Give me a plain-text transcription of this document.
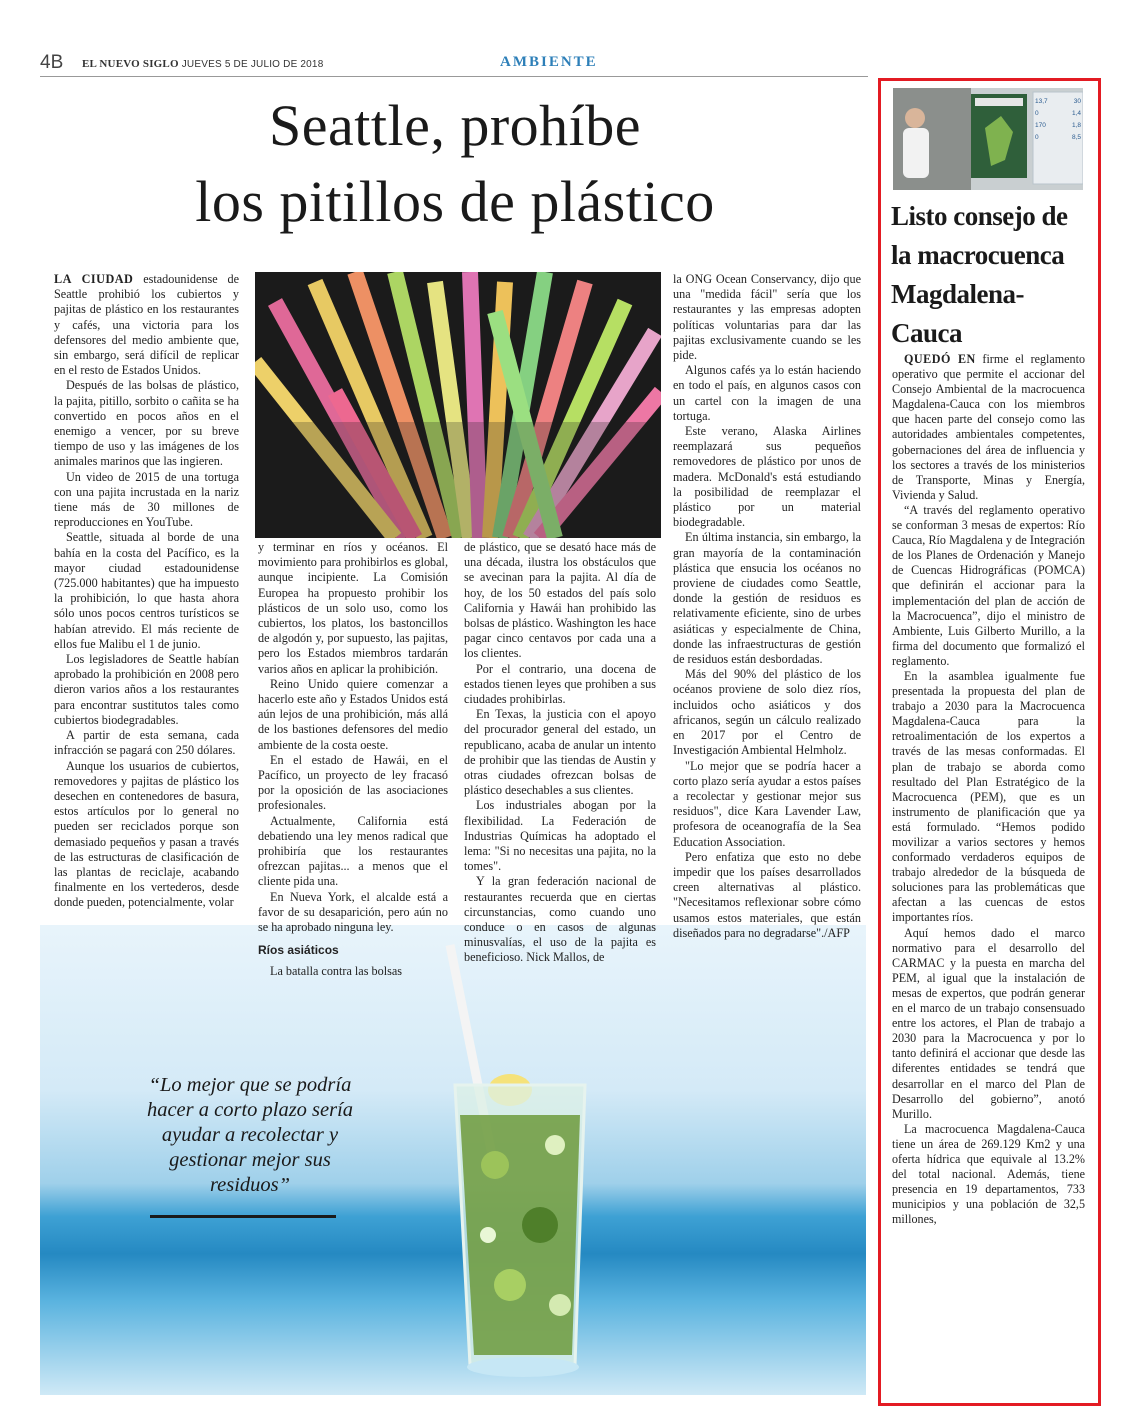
4B EL NUEVO SIGLO JUEVES 5 DE JULIO DE 2018	AMBIENTE
Seattle, prohíbe
los pitillos de plástico

LA CIUDAD estadounidense de Seattle prohibió los cubiertos y pajitas de plástico en los restaurantes y cafés, una victoria para los defensores del medio ambiente que, sin embargo, será difícil de replicar en el resto de Estados Unidos.

Después de las bolsas de plástico, la pajita, pitillo, sorbito o cañita se ha convertido en pocos años en el enemigo a vencer, por su breve tiempo de uso y las imágenes de los animales marinos que las ingieren.

Un video de 2015 de una tortuga con una pajita incrustada en la nariz tiene más de 30 millones de reproducciones en YouTube.

Seattle, situada al borde de una bahía en la costa del Pacífico, es la mayor ciudad estadounidense (725.000 habitantes) que ha impuesto la prohibición, lo que hasta ahora sólo unos pocos centros turísticos se habían atrevido. El más reciente de ellos fue Malibu el 1 de junio.

Los legisladores de Seattle habían aprobado la prohibición en 2008 pero dieron varios años a los restaurantes para encontrar sustitutos tales como cubiertos biodegradables.

A partir de esta semana, cada infracción se pagará con 250 dólares.

Aunque los usuarios de cubiertos, removedores y pajitas de plástico los desechen en contenedores de basura, estos artículos por lo general no pueden ser reciclados porque son demasiado pequeños y pasan a través de las estructuras de clasificación de las plantas de reciclaje, acabando finalmente en los vertederos, desde donde pueden, potencialmente, volar

y terminar en ríos y océanos. El movimiento para prohibirlos es global, aunque incipiente. La Comisión Europea ha propuesto prohibir los plásticos de un solo uso, como los cubiertos, los platos, los bastoncillos de algodón y, por supuesto, las pajitas, pero los Estados miembros tardarán varios años en aplicar la prohibición.

Reino Unido quiere comenzar a hacerlo este año y Estados Unidos está aún lejos de una prohibición, más allá de los bastiones defensores del medio ambiente de la costa oeste.

En el estado de Hawái, en el Pacífico, un proyecto de ley fracasó por la oposición de las asociaciones profesionales.

Actualmente, California está debatiendo una ley menos radical que prohibiría que los restaurantes ofrezcan pajitas... a menos que el cliente pida una.

En Nueva York, el alcalde está a favor de su desaparición, pero aún no se ha aprobado ninguna ley.

Ríos asiáticos

La batalla contra las bolsas

de plástico, que se desató hace más de una década, ilustra los obstáculos que se avecinan para la pajita. Al día de hoy, de los 50 estados del país solo California y Hawái han prohibido las bolsas de plástico. Washington les hace pagar cinco centavos por cada una a los clientes.

Por el contrario, una docena de estados tienen leyes que prohiben a sus ciudades prohibirlas.

En Texas, la justicia con el apoyo del procurador general del estado, un republicano, acaba de anular un intento de prohibir que las tiendas de Austin y otras ciudades ofrezcan bolsas de plástico desechables a sus clientes.

Los industriales abogan por la flexibilidad. La Federación de Industrias Químicas ha adoptado el lema: "Si no necesitas una pajita, no la tomes".

Y la gran federación nacional de restaurantes recuerda que en ciertas circunstancias, como cuando uno conduce o en casos de algunas minusvalías, el uso de la pajita es beneficioso. Nick Mallos, de

la ONG Ocean Conservancy, dijo que una "medida fácil" sería que los restaurantes y las empresas adopten políticas voluntarias para dar las pajitas exclusivamente cuando se les pide.

Algunos cafés ya lo están haciendo en todo el país, en algunos casos con un cartel con la imagen de una tortuga.

Este verano, Alaska Airlines reemplazará sus pequeños removedores de plástico por unos de madera. McDonald's está estudiando la posibilidad de reemplazar el plástico por un material biodegradable.

En última instancia, sin embargo, la gran mayoría de la contaminación plástica que ensucia los océanos no proviene de ciudades como Seattle, donde la gestión de residuos es relativamente eficiente, sino de urbes asiáticas y especialmente de China, donde las infraestructuras de gestión de residuos están desbordadas.

Más del 90% del plástico de los océanos proviene de solo diez ríos, incluidos ocho asiáticos y dos africanos, según un cálculo realizado en 2017 por el Centro de Investigación Ambiental Helmholz.

"Lo mejor que se podría hacer a corto plazo sería ayudar a estos países a recolectar y gestionar mejor sus residuos", dice Kara Lavender Law, profesora de oceanografía de la Sea Education Association.

Pero enfatiza que esto no debe impedir que los países desarrollados creen alternativas al plástico. "Necesitamos reflexionar sobre cómo usamos estos materiales, que están diseñados para no degradarse"./AFP

“Lo mejor que se podría hacer a corto plazo sería ayudar a recolectar y gestionar mejor sus residuos”
13,7	30
0	1,4
170	1,8
0	8,5
Listo consejo de la macrocuenca Magdalena-Cauca

QUEDÓ EN firme el reglamento operativo que permite el accionar del Consejo Ambiental de la macrocuenca Magdalena-Cauca con los miembros que hacen parte del consejo como las autoridades ambientales competentes, gobernaciones del área de influencia y los sectores a través de los ministerios de Transporte, Minas y Energía, Vivienda y Salud.

“A través del reglamento operativo se conforman 3 mesas de expertos: Río Cauca, Río Magdalena y de Integración de los Planes de Ordenación y Manejo de Cuencas Hidrográficas (POMCA) que definirán el accionar para la implementación del plan de acción de la Macrocuenca”, dijo el ministro de Ambiente, Luis Gilberto Murillo, a la firma del documento que formalizó el reglamento.

En la asamblea igualmente fue presentada la propuesta del plan de trabajo a 2030 para la Macrocuenca Magdalena-Cauca para la retroalimentación de los expertos a través de las mesas conformadas. El plan de trabajo se aborda como resultado del Plan Estratégico de la Macrocuenca (PEM), que es un instrumento de planificación que ya está formulado. “Hemos podido movilizar a varios sectores y hemos conformado verdaderos equipos de trabajo alrededor de la búsqueda de soluciones para las problemáticas que afectan a las cuencas de estos importantes ríos.

Aquí hemos dado el marco normativo para el desarrollo del CARMAC y la puesta en marcha del PEM, al igual que la instalación de mesas de expertos, que podrán generar en el marco de un trabajo consensuado entre los actores, el Plan de trabajo a 2030 para la Macrocuenca y por lo tanto definirá el accionar que desde las diferentes entidades se tendrá que desarrollar en el marco del Plan de Desarrollo del gobierno”, anotó Murillo.

La macrocuenca Magdalena-Cauca tiene un área de 269.129 Km2 y una oferta hídrica que equivale al 13.2% del total nacional. Además, tiene presencia en 19 departamentos, 733 municipios y una población de 32,5 millones,
